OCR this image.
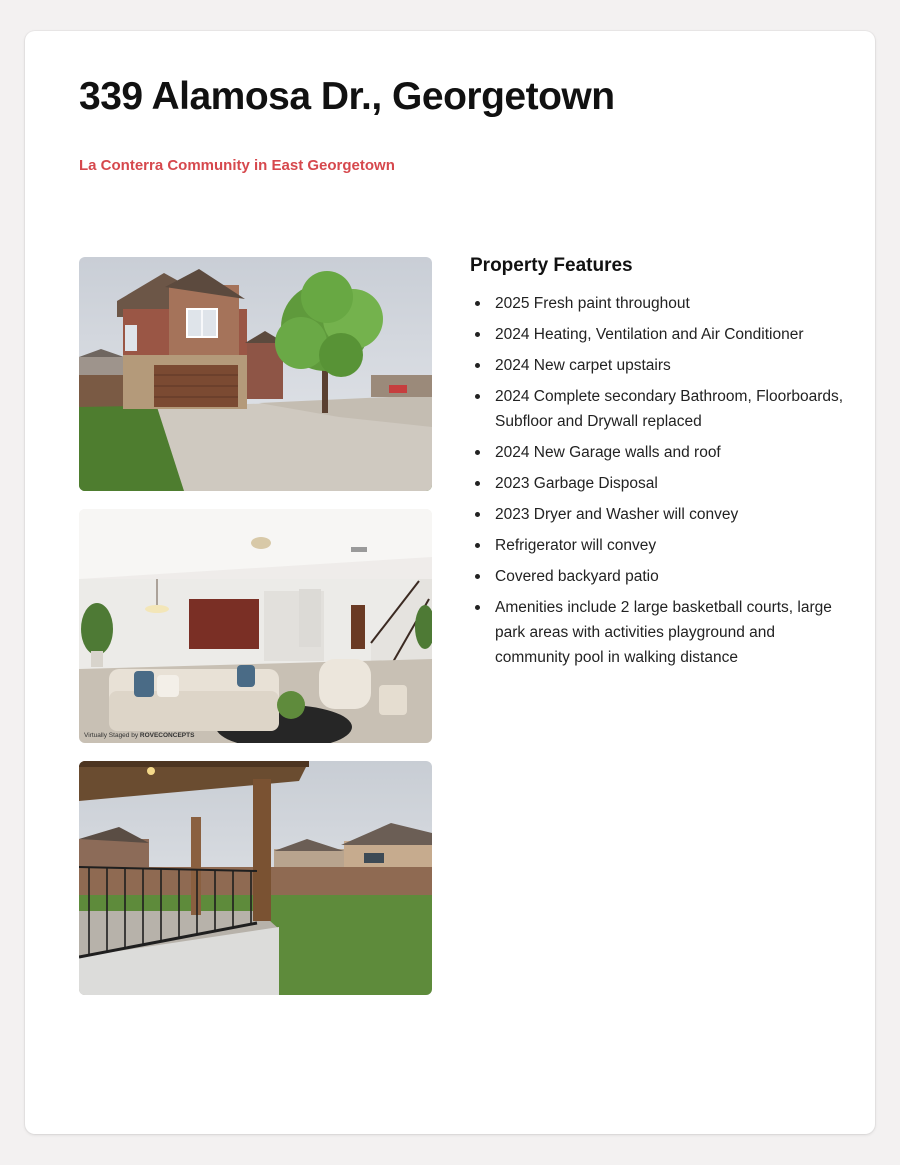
339 Alamosa Dr., Georgetown

La Conterra Community in East Georgetown

Virtually Staged by ROVECONCEPTS
Property Features
2025 Fresh paint throughout
2024 Heating, Ventilation and Air Conditioner
2024 New carpet upstairs
2024 Complete secondary Bathroom, Floorboards, Subfloor and Drywall replaced
2024 New Garage walls and roof
2023 Garbage Disposal
2023 Dryer and Washer will convey
Refrigerator will convey
Covered backyard patio
Amenities include 2 large basketball courts, large park areas with activities playground and community pool in walking distance
